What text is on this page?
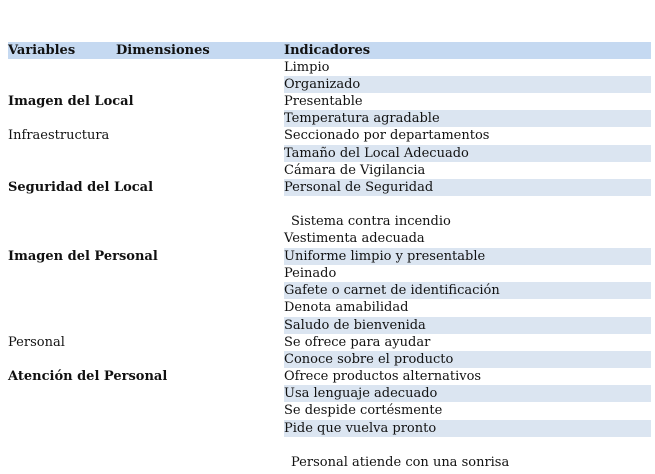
Variables	Dimensiones	Indicadores
Imagen del Local
Infraestructura
Seguridad del Local
Imagen del Personal
Personal
Atención del Personal
Limpio
Organizado
Presentable
Temperatura agradable
Seccionado por departamentos
Tamaño del Local Adecuado
Cámara de Vigilancia
Personal de Seguridad
Sistema contra incendio
Vestimenta adecuada
Uniforme limpio y presentable
Peinado
Gafete o carnet de identificación
Denota amabilidad
Saludo de bienvenida
Se ofrece para ayudar
Conoce sobre el producto
Ofrece productos alternativos
Usa lenguaje adecuado
Se despide cortésmente
Pide que vuelva pronto
Personal atiende con una sonrisa
